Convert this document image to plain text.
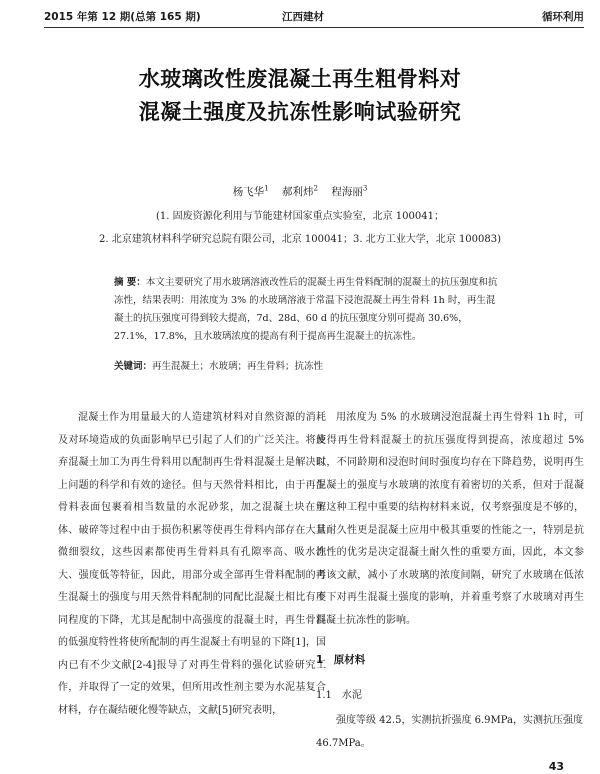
2015 年第 12 期(总第 165 期)	江西建材	循环利用
水玻璃改性废混凝土再生粗骨料对
混凝土强度及抗冻性影响试验研究
杨飞华$^1$ 郝利炜$^2$ 程海丽$^3$
(1. 固废资源化利用与节能建材国家重点实验室，北京 100041；
2. 北京建筑材料科学研究总院有限公司，北京 100041；3. 北方工业大学，北京 100083)
摘 要：本文主要研究了用水玻璃溶液改性后的混凝土再生骨料配制的混凝土的抗压强度和抗冻性，结果表明：用浓度为 3% 的水玻璃溶液于常温下浸泡混凝土再生骨料 1h 时，再生混凝土的抗压强度可得到较大提高，7d、28d、60 d 的抗压强度分别可提高 30.6%，27.1%，17.8%，且水玻璃浓度的提高有利于提高再生混凝土的抗冻性。
关键词：再生混凝土；水玻璃；再生骨料；抗冻性

混凝土作为用量最大的人造建筑材料对自然资源的消耗及对环境造成的负面影响早已引起了人们的广泛关注。将废弃混凝土加工为再生骨料用以配制再生骨料混凝土是解决以上问题的科学和有效的途径。但与天然骨料相比，由于再生骨料表面包裹着相当数量的水泥砂浆，加之混凝土块在解体、破碎等过程中由于损伤积累等使再生骨料内部存在大量微细裂纹，这些因素都使再生骨料具有孔隙率高、吸水性大、强度低等特征，因此，用部分或全部再生骨料配制的再生混凝土的强度与用天然骨料配制的同配比混凝土相比有不同程度的下降，尤其是配制中高强度的混凝土时，再生骨料的低强度特性将使所配制的再生混凝土有明显的下降[1]，国内已有不少文献[2-4]报导了对再生骨料的强化试验研究工作，并取得了一定的效果，但所用改性剂主要为水泥基复合材料，存在凝结硬化慢等缺点，文献[5]研究表明，

用浓度为 5% 的水玻璃浸泡混凝土再生骨料 1h 时，可使得再生骨料混凝土的抗压强度得到提高，浓度超过 5% 时，不同龄期和浸泡时间时强度均存在下降趋势，说明再生混凝土的强度与水玻璃的浓度有着密切的关系，但对于混凝土这种工程中重要的结构材料来说，仅考察强度是不够的，其耐久性更是混凝土应用中极其重要的性能之一，特别是抗冻性的优劣是决定混凝土耐久性的重要方面，因此，本文参考该文献，减小了水玻璃的浓度间隔，研究了水玻璃在低浓度下对再生混凝土强度的影响，并着重考察了水玻璃对再生混凝土抗冻性的影响。

1　原材料
1.1　水泥

强度等级 42.5，实测抗折强度 6.9MPa，实测抗压强度 46.7MPa。

43
